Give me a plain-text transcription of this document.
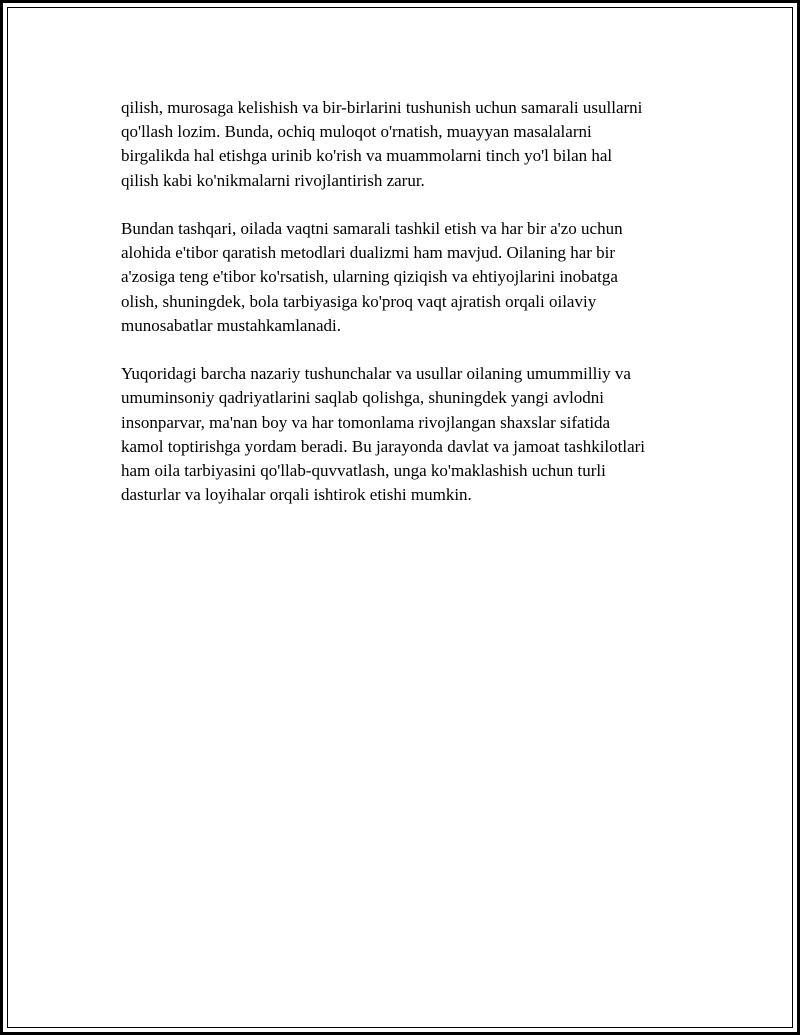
qilish, murosaga kelishish va bir-birlarini tushunish uchun samarali usullarni
qo'llash lozim. Bunda, ochiq muloqot o'rnatish, muayyan masalalarni
birgalikda hal etishga urinib ko'rish va muammolarni tinch yo'l bilan hal
qilish kabi ko'nikmalarni rivojlantirish zarur.

Bundan tashqari, oilada vaqtni samarali tashkil etish va har bir a'zo uchun
alohida e'tibor qaratish metodlari dualizmi ham mavjud. Oilaning har bir
a'zosiga teng e'tibor ko'rsatish, ularning qiziqish va ehtiyojlarini inobatga
olish, shuningdek, bola tarbiyasiga ko'proq vaqt ajratish orqali oilaviy
munosabatlar mustahkamlanadi.

Yuqoridagi barcha nazariy tushunchalar va usullar oilaning umummilliy va
umuminsoniy qadriyatlarini saqlab qolishga, shuningdek yangi avlodni
insonparvar, ma'nan boy va har tomonlama rivojlangan shaxslar sifatida
kamol toptirishga yordam beradi. Bu jarayonda davlat va jamoat tashkilotlari
ham oila tarbiyasini qo'llab-quvvatlash, unga ko'maklashish uchun turli
dasturlar va loyihalar orqali ishtirok etishi mumkin.
